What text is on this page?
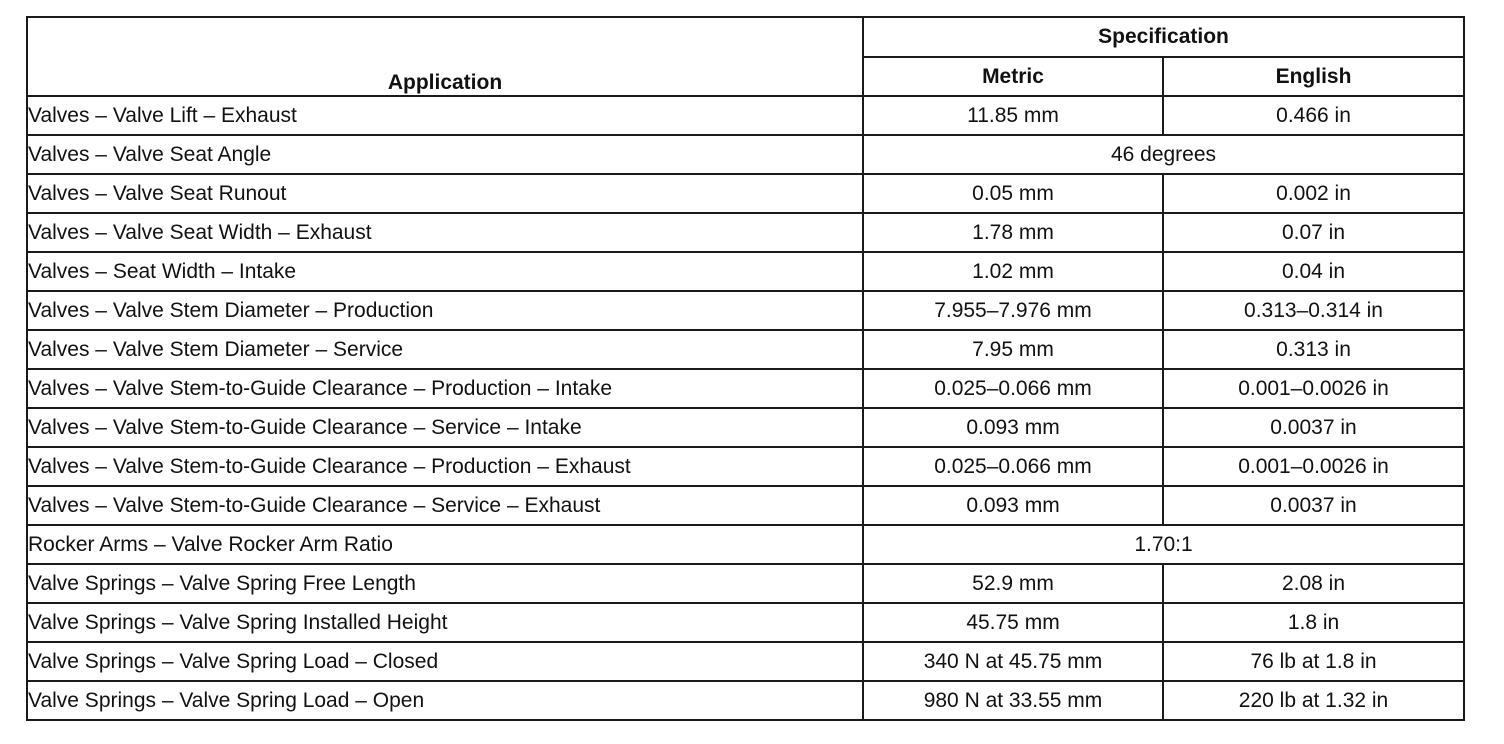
Application	Specification	
	Metric	English
Valves – Valve Lift – Exhaust	11.85 mm	0.466 in
Valves – Valve Seat Angle	46 degrees	
Valves – Valve Seat Runout	0.05 mm	0.002 in
Valves – Valve Seat Width – Exhaust	1.78 mm	0.07 in
Valves – Seat Width – Intake	1.02 mm	0.04 in
Valves – Valve Stem Diameter – Production	7.955–7.976 mm	0.313–0.314 in
Valves – Valve Stem Diameter – Service	7.95 mm	0.313 in
Valves – Valve Stem-to-Guide Clearance – Production – Intake	0.025–0.066 mm	0.001–0.0026 in
Valves – Valve Stem-to-Guide Clearance – Service – Intake	0.093 mm	0.0037 in
Valves – Valve Stem-to-Guide Clearance – Production – Exhaust	0.025–0.066 mm	0.001–0.0026 in
Valves – Valve Stem-to-Guide Clearance – Service – Exhaust	0.093 mm	0.0037 in
Rocker Arms – Valve Rocker Arm Ratio	1.70:1	
Valve Springs – Valve Spring Free Length	52.9 mm	2.08 in
Valve Springs – Valve Spring Installed Height	45.75 mm	1.8 in
Valve Springs – Valve Spring Load – Closed	340 N at 45.75 mm	76 lb at 1.8 in
Valve Springs – Valve Spring Load – Open	980 N at 33.55 mm	220 lb at 1.32 in
